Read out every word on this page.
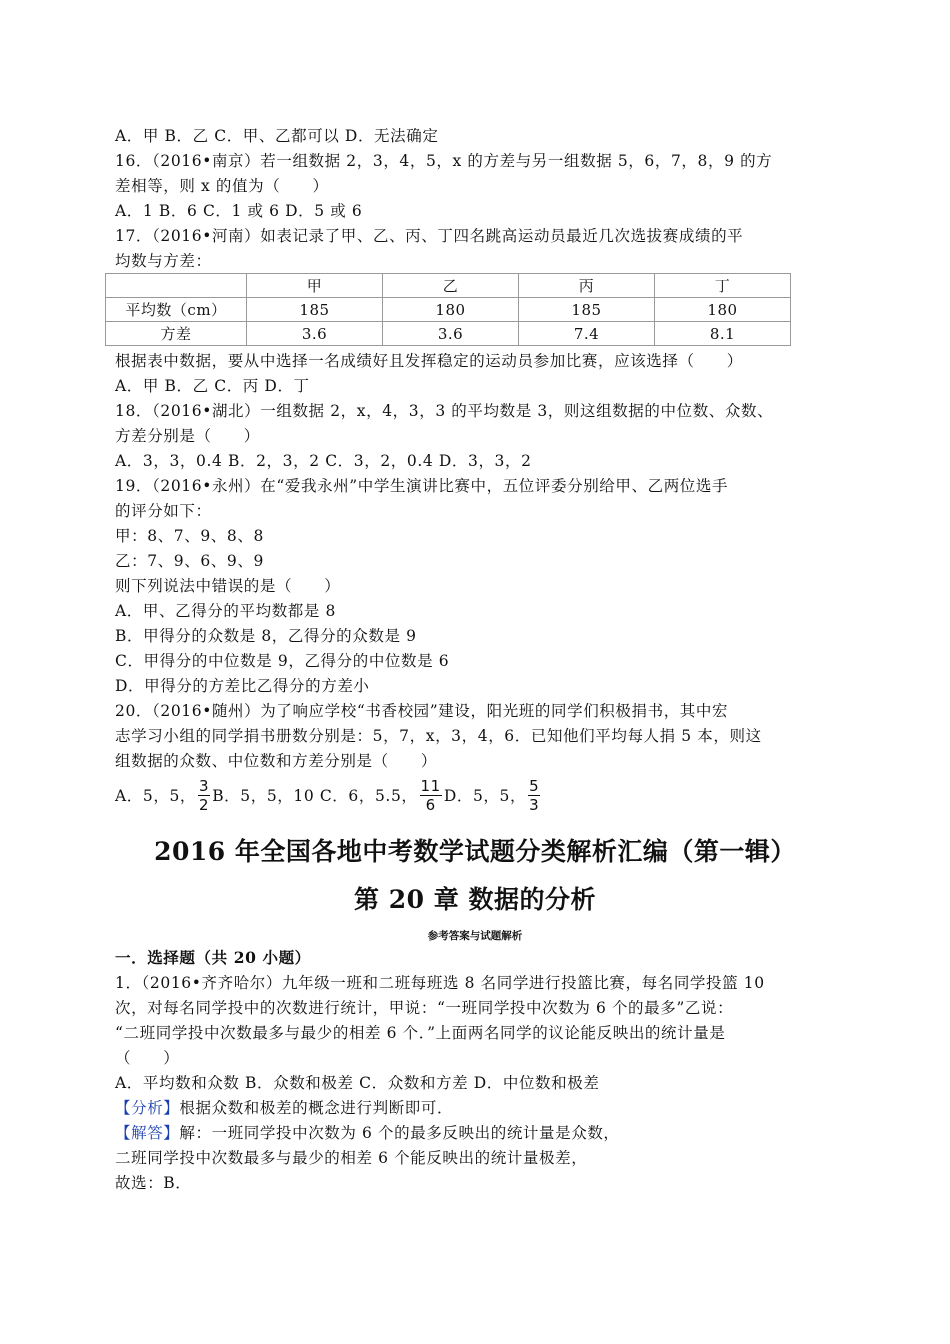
A．甲 B．乙 C．甲、乙都可以 D．无法确定
16．（2016•南京）若一组数据 2，3，4，5，x 的方差与另一组数据 5，6，7，8，9 的方
差相等，则 x 的值为（　　）
A．1 B．6 C．1 或 6 D．5 或 6
17．（2016•河南）如表记录了甲、乙、丙、丁四名跳高运动员最近几次选拔赛成绩的平
均数与方差：
	甲	乙	丙	丁
平均数（cm）	185	180	185	180
方差	3.6	3.6	7.4	8.1
根据表中数据，要从中选择一名成绩好且发挥稳定的运动员参加比赛，应该选择（　　）
A．甲 B．乙 C．丙 D．丁
18．（2016•湖北）一组数据 2，x，4，3，3 的平均数是 3，则这组数据的中位数、众数、
方差分别是（　　）
A．3，3，0.4 B．2，3，2 C．3，2，0.4 D．3，3，2
19．（2016•永州）在“爱我永州”中学生演讲比赛中，五位评委分别给甲、乙两位选手
的评分如下：
甲：8、7、9、8、8
乙：7、9、6、9、9
则下列说法中错误的是（　　）
A．甲、乙得分的平均数都是 8
B．甲得分的众数是 8，乙得分的众数是 9
C．甲得分的中位数是 9，乙得分的中位数是 6
D．甲得分的方差比乙得分的方差小
20．（2016•随州）为了响应学校“书香校园”建设，阳光班的同学们积极捐书，其中宏
志学习小组的同学捐书册数分别是：5，7，x，3，4，6．已知他们平均每人捐 5 本，则这
组数据的众数、中位数和方差分别是（　　）
A．5，5， $\frac{3}{2}$ B．5，5，10 C．6，5.5， $\frac{11}{6}$ D．5，5， $\frac{5}{3}$
2016 年全国各地中考数学试题分类解析汇编（第一辑）
第 20 章 数据的分析
参考答案与试题解析
一．选择题（共 20 小题）
1．（2016•齐齐哈尔）九年级一班和二班每班选 8 名同学进行投篮比赛，每名同学投篮 10
次，对每名同学投中的次数进行统计，甲说：“一班同学投中次数为 6 个的最多”乙说：
“二班同学投中次数最多与最少的相差 6 个．”上面两名同学的议论能反映出的统计量是
（　　）
A．平均数和众数 B．众数和极差 C．众数和方差 D．中位数和极差
【分析】根据众数和极差的概念进行判断即可．
【解答】解：一班同学投中次数为 6 个的最多反映出的统计量是众数，
二班同学投中次数最多与最少的相差 6 个能反映出的统计量极差，
故选：B．
